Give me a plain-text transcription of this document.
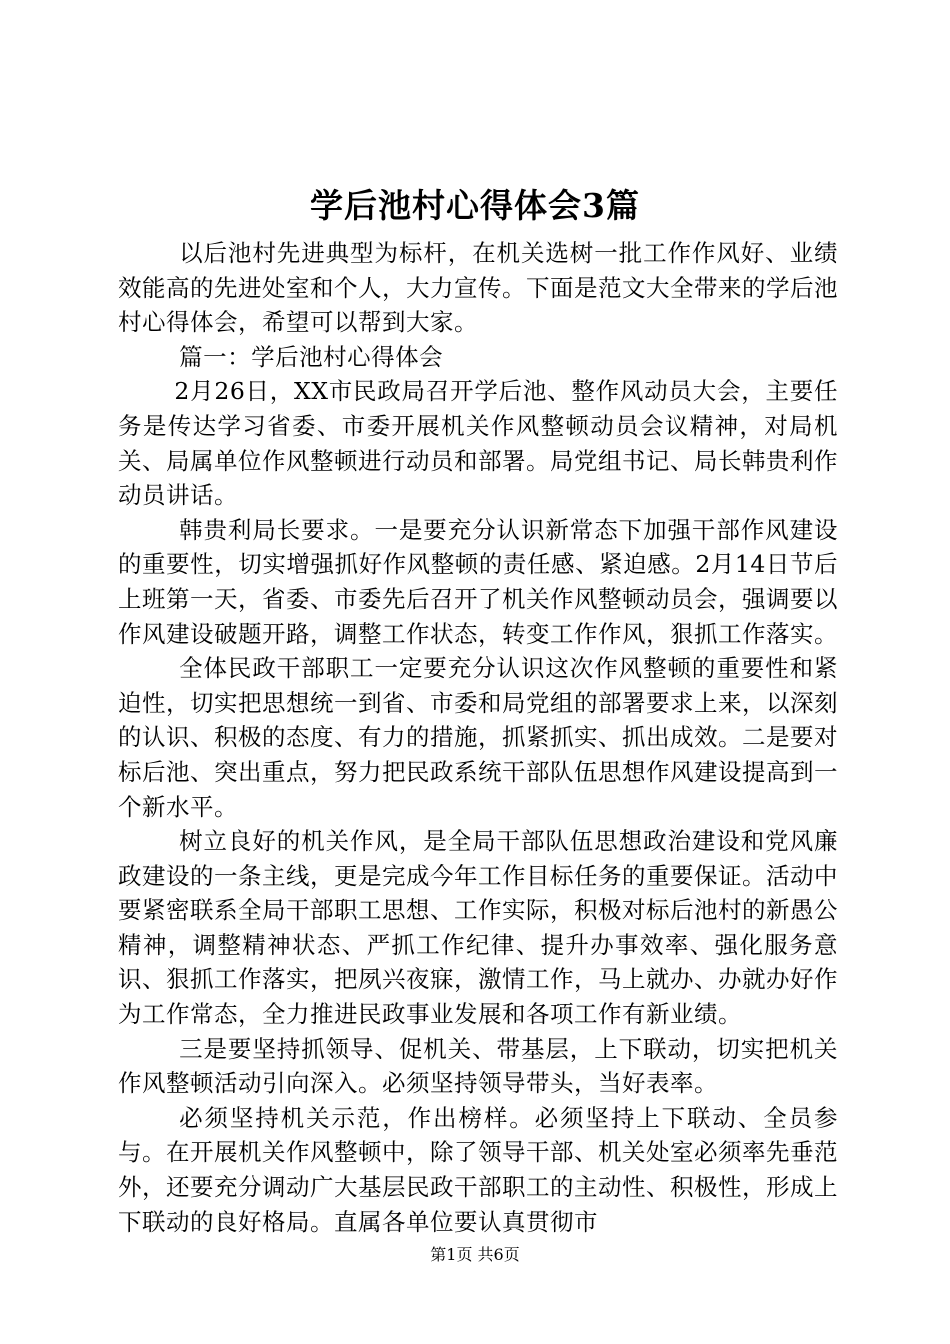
学后池村心得体会3篇

以后池村先进典型为标杆，在机关选树一批工作作风好、业绩效能高的先进处室和个人，大力宣传。下面是范文大全带来的学后池村心得体会，希望可以帮到大家。

篇一：学后池村心得体会

2月26日，XX市民政局召开学后池、整作风动员大会，主要任务是传达学习省委、市委开展机关作风整顿动员会议精神，对局机关、局属单位作风整顿进行动员和部署。局党组书记、局长韩贵利作动员讲话。

韩贵利局长要求。一是要充分认识新常态下加强干部作风建设的重要性，切实增强抓好作风整顿的责任感、紧迫感。2月14日节后上班第一天，省委、市委先后召开了机关作风整顿动员会，强调要以作风建设破题开路，调整工作状态，转变工作作风，狠抓工作落实。

全体民政干部职工一定要充分认识这次作风整顿的重要性和紧迫性，切实把思想统一到省、市委和局党组的部署要求上来，以深刻的认识、积极的态度、有力的措施，抓紧抓实、抓出成效。二是要对标后池、突出重点，努力把民政系统干部队伍思想作风建设提高到一个新水平。

树立良好的机关作风，是全局干部队伍思想政治建设和党风廉政建设的一条主线，更是完成今年工作目标任务的重要保证。活动中要紧密联系全局干部职工思想、工作实际，积极对标后池村的新愚公精神，调整精神状态、严抓工作纪律、提升办事效率、强化服务意识、狠抓工作落实，把夙兴夜寐，激情工作，马上就办、办就办好作为工作常态，全力推进民政事业发展和各项工作有新业绩。

三是要坚持抓领导、促机关、带基层，上下联动，切实把机关作风整顿活动引向深入。必须坚持领导带头，当好表率。

必须坚持机关示范，作出榜样。必须坚持上下联动、全员参与。在开展机关作风整顿中，除了领导干部、机关处室必须率先垂范外，还要充分调动广大基层民政干部职工的主动性、积极性，形成上下联动的良好格局。直属各单位要认真贯彻市

第1页 共6页
